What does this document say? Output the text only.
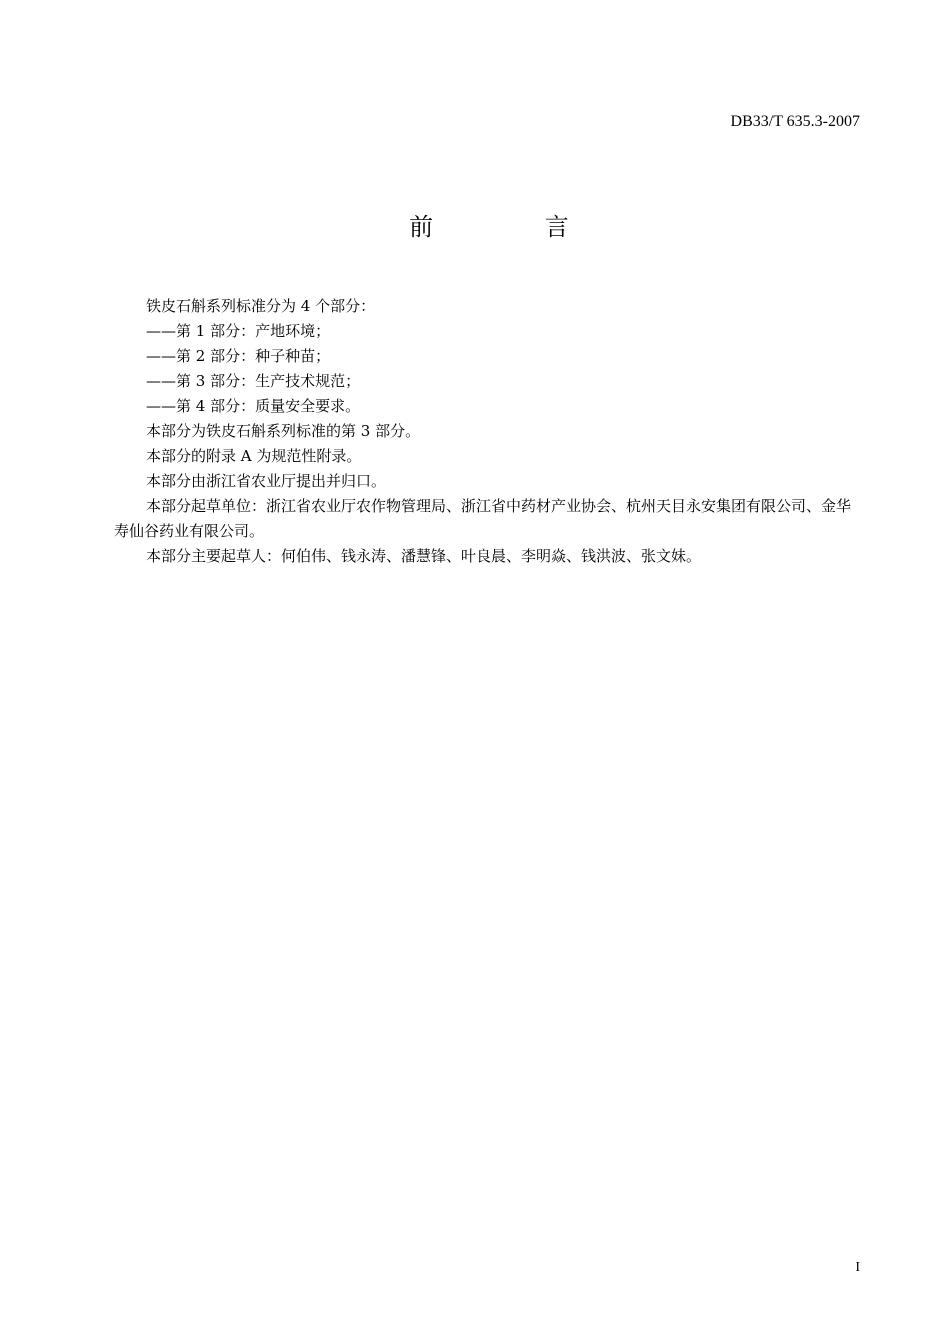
DB33/T 635.3-2007
前 言

铁皮石斛系列标准分为 4 个部分：

——第 1 部分：产地环境；

——第 2 部分：种子种苗；

——第 3 部分：生产技术规范；

——第 4 部分：质量安全要求。

本部分为铁皮石斛系列标准的第 3 部分。

本部分的附录 A 为规范性附录。

本部分由浙江省农业厅提出并归口。

本部分起草单位：浙江省农业厅农作物管理局、浙江省中药材产业协会、杭州天目永安集团有限公司、金华寿仙谷药业有限公司。

本部分主要起草人：何伯伟、钱永涛、潘慧锋、叶良晨、李明焱、钱洪波、张文妹。

I
